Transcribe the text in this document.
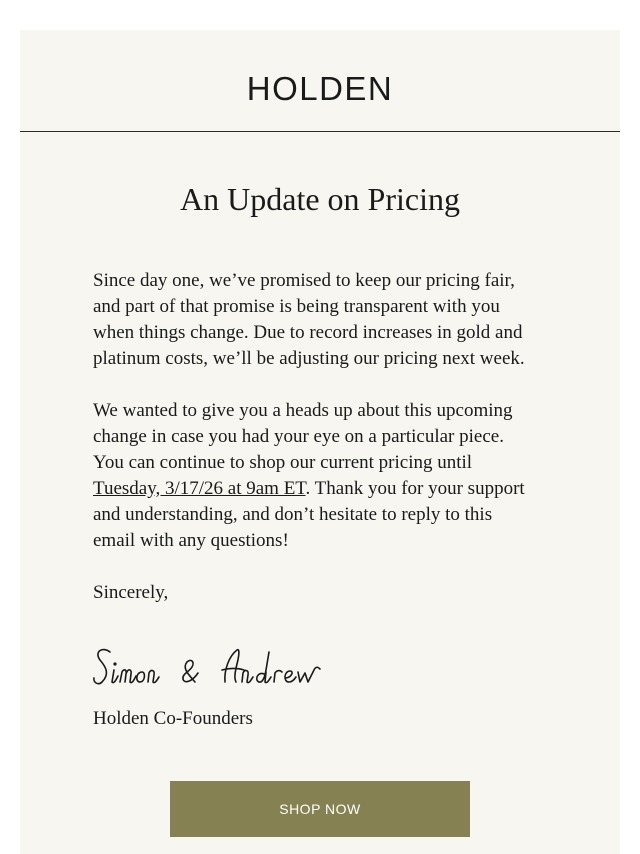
HOLDEN
An Update on Pricing

Since day one, we’ve promised to keep our pricing fair, and part of that promise is being transparent with you when things change. Due to record increases in gold and platinum costs, we’ll be adjusting our pricing next week.

We wanted to give you a heads up about this upcoming change in case you had your eye on a particular piece. You can continue to shop our current pricing until Tuesday, 3/17/26 at 9am ET. Thank you for your support and understanding, and don’t hesitate to reply to this email with any questions!

Sincerely,

Holden Co-Founders
SHOP NOW
